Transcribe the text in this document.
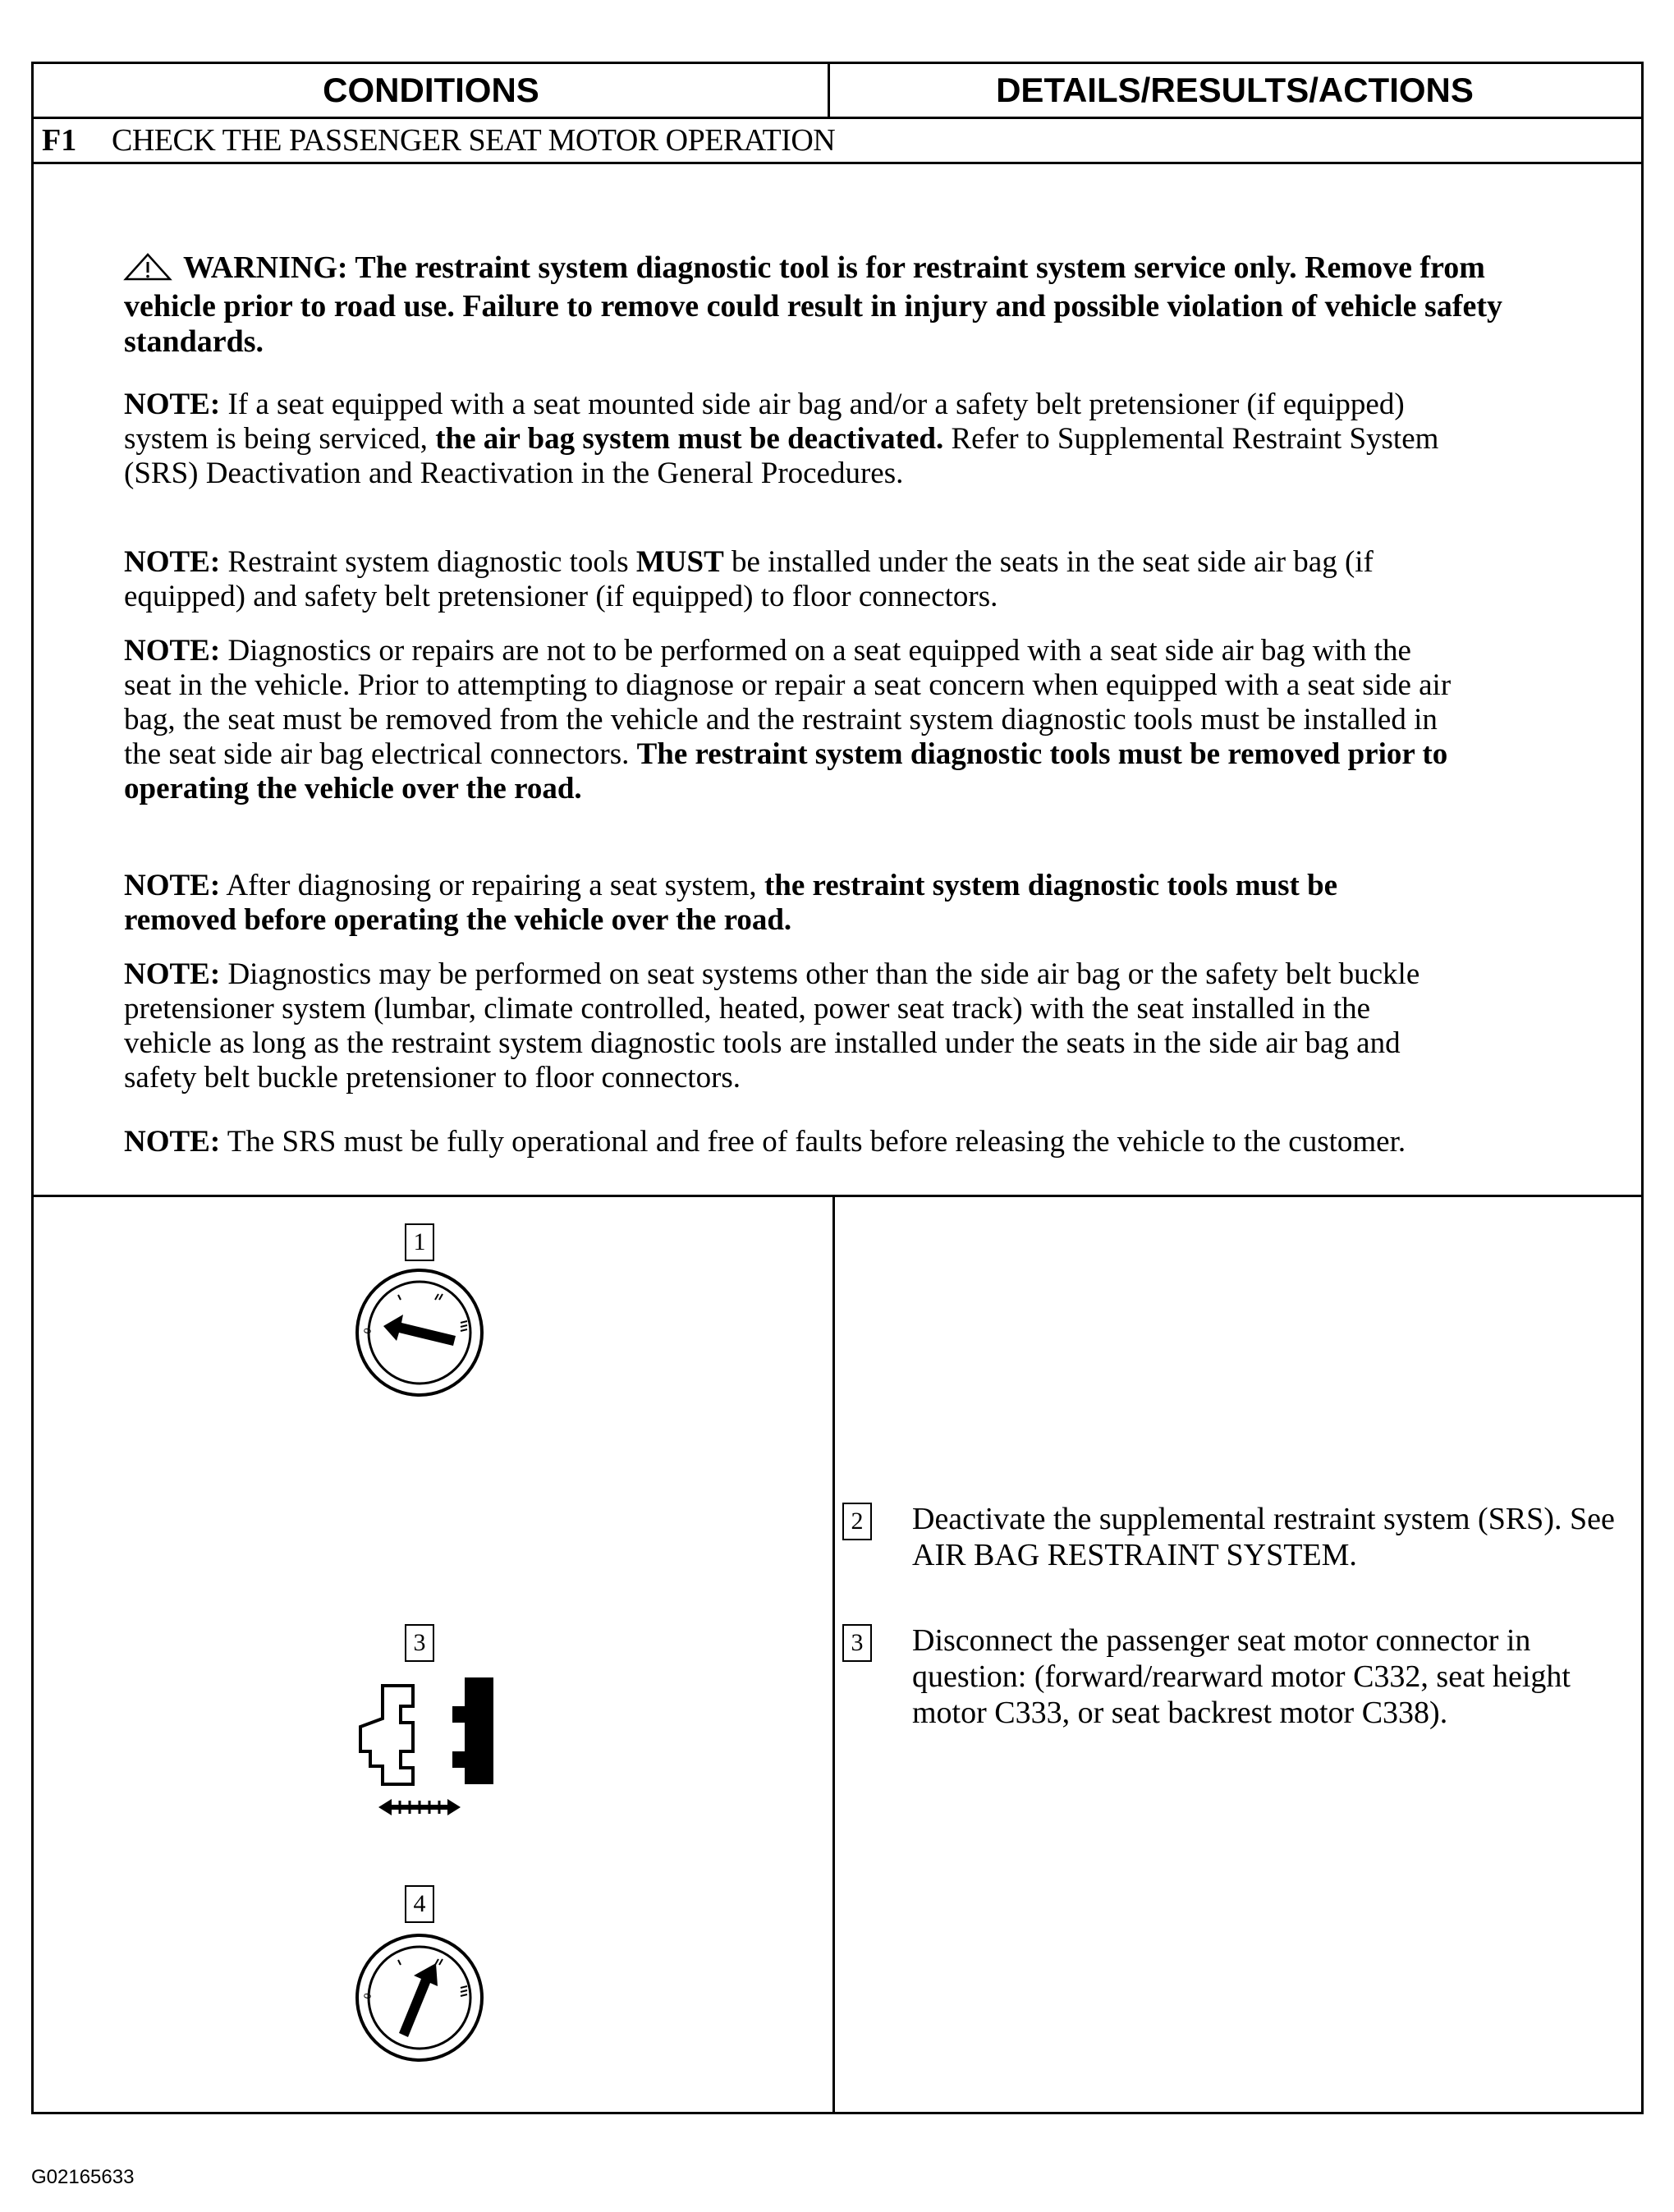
CONDITIONS	DETAILS/RESULTS/ACTIONS
F1 CHECK THE PASSENGER SEAT MOTOR OPERATION
WARNING: The restraint system diagnostic tool is for restraint system service only. Remove from vehicle prior to road use. Failure to remove could result in injury and possible violation of vehicle safety standards.
NOTE: If a seat equipped with a seat mounted side air bag and/or a safety belt pretensioner (if equipped) system is being serviced, the air bag system must be deactivated. Refer to Supplemental Restraint System (SRS) Deactivation and Reactivation in the General Procedures.
NOTE: Restraint system diagnostic tools MUST be installed under the seats in the seat side air bag (if equipped) and safety belt pretensioner (if equipped) to floor connectors.
NOTE: Diagnostics or repairs are not to be performed on a seat equipped with a seat side air bag with the seat in the vehicle. Prior to attempting to diagnose or repair a seat concern when equipped with a seat side air bag, the seat must be removed from the vehicle and the restraint system diagnostic tools must be installed in the seat side air bag electrical connectors. The restraint system diagnostic tools must be removed prior to operating the vehicle over the road.
NOTE: After diagnosing or repairing a seat system, the restraint system diagnostic tools must be removed before operating the vehicle over the road.
NOTE: Diagnostics may be performed on seat systems other than the side air bag or the safety belt buckle pretensioner system (lumbar, climate controlled, heated, power seat track) with the seat installed in the vehicle as long as the restraint system diagnostic tools are installed under the seats in the side air bag and safety belt buckle pretensioner to floor connectors.
NOTE: The SRS must be fully operational and free of faults before releasing the vehicle to the customer.
1
0
3
4
0
2 Deactivate the supplemental restraint system (SRS). See AIR BAG RESTRAINT SYSTEM.
3 Disconnect the passenger seat motor connector in question: (forward/rearward motor C332, seat height motor C333, or seat backrest motor C338).
G02165633
